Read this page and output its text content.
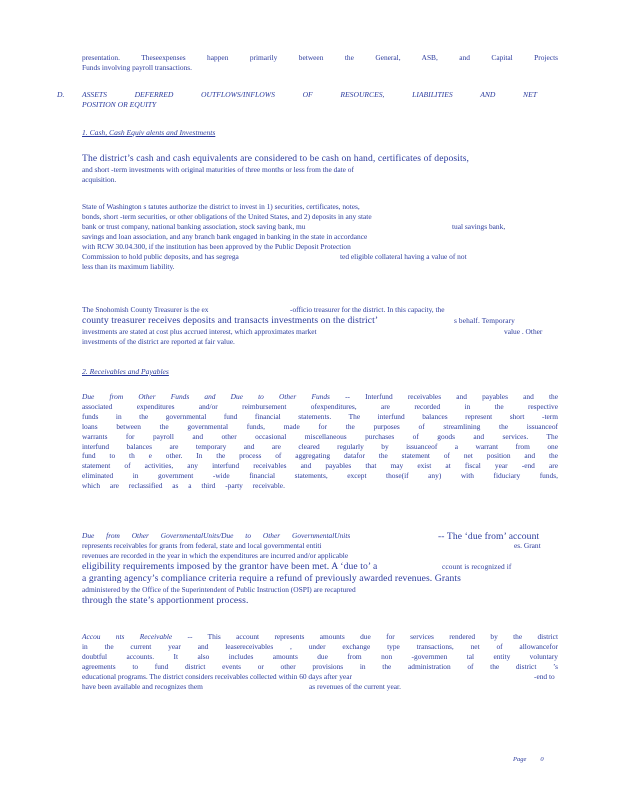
presentation. Theseexpenses happen primarily between the General, ASB, and Capital Projects

Funds involving payroll transactions.

D. ASSETS DEFERRED OUTFLOWS/INFLOWS OF RESOURCES, LIABILITIES AND NET

POSITION OR EQUITY

1. Cash, Cash Equiv alents and Investments

The district’s cash and cash equivalents are considered to be cash on hand, certificates of deposits,

and short -term investments with original maturities of three months or less from the date of

acquisition.

State of Washington s tatutes authorize the district to invest in 1) securities, certificates, notes,

bonds, short -term securities, or other obligations of the United States, and 2) deposits in any state

bank or trust company, national banking association, stock saving bank, mu	tual savings bank,

savings and loan association, and any branch bank engaged in banking in the state in accordance

with RCW 30.04.300, if the institution has been approved by the Public Deposit Protection

Commission to hold public deposits, and has segrega	ted eligible collateral having a value of not

less than its maximum liability.

The Snohomish County Treasurer is the ex	-officio treasurer for the district. In this capacity, the

county treasurer receives deposits and transacts investments on the district’	s behalf. Temporary

investments are stated at cost plus accrued interest, which approximates market	value . Other

investments of the district are reported at fair value.

2. Receivables and Payables

Due from Other Funds and Due to Other Funds -- Interfund receivables and payables and the

associated expenditures and/or reimbursement ofexpenditures, are recorded in the respective

funds in the governmental fund financial statements. The interfund balances represent short -term

loans between the governmental funds, made for the purposes of streamlining the issuanceof

warrants for payroll and other occasional miscellaneous purchases of goods and services. The

interfund balances are temporary and are cleared regularly by issuanceof a warrant from one

fund to th e other. In the process of aggregating datafor the statement of net position and the

statement of activities, any interfund receivables and payables that may exist at fiscal year -end are

eliminated in government -wide financial statements, except those(if any) with fiduciary funds,

which are reclassified as a third -party receivable.

Due from Other GovernmentalUnits/Due to Other GovernmentalUnits	-- The ‘due from’ account

represents receivables for grants from federal, state and local governmental entiti	es. Grant

revenues are recorded in the year in which the expenditures are incurred and/or applicable

eligibility requirements imposed by the grantor have been met. A ‘due to’ a	ccount is recognized if

a granting agency’s compliance criteria require a refund of previously awarded revenues. Grants

administered by the Office of the Superintendent of Public Instruction (OSPI) are recaptured

through the state’s apportionment process.

Accou nts Receivable -- This account represents amounts due for services rendered by the district

in the current year and leasereceivables , under exchange type transactions, net of allowancefor

doubtful accounts. It also includes amounts due from non -governmen tal entity voluntary

agreements to fund district events or other provisions in the administration of the district ’s

educational programs. The district considers receivables collected within 60 days after year	-end to

have been available and recognizes them	as revenues of the current year.

Page 0
